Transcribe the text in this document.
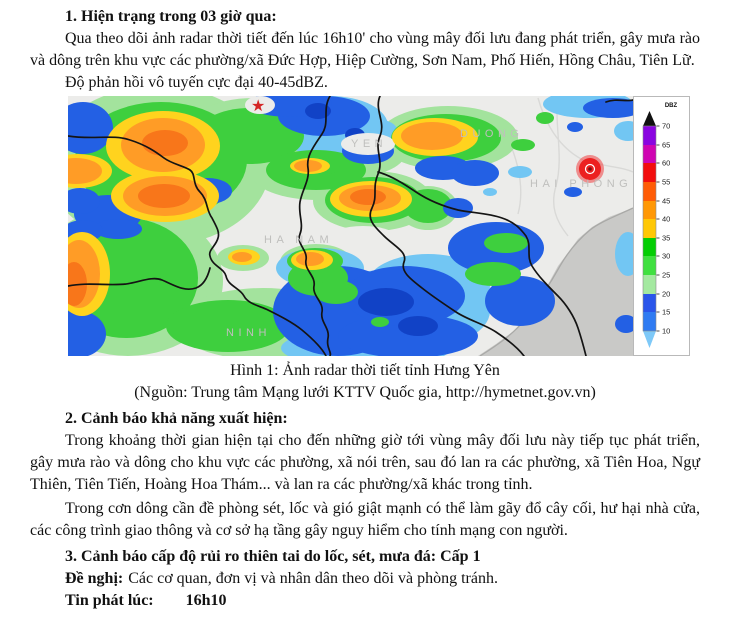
1. Hiện trạng trong 03 giờ qua:

Qua theo dõi ảnh radar thời tiết đến lúc 16h10' cho vùng mây đối lưu đang phát triển, gây mưa rào và dông trên khu vực các phường/xã Đức Hợp, Hiệp Cường, Sơn Nam, Phố Hiến, Hồng Châu, Tiên Lữ.

Độ phản hồi vô tuyến cực đại 40-45dBZ.

★
YEN
DUONG
HAI PHONG
HA NAM
NINH
DBZ
70
65
60
55
45
40
35
30
25
20
15
10

Hình 1: Ảnh radar thời tiết tỉnh Hưng Yên

(Nguồn: Trung tâm Mạng lưới KTTV Quốc gia, http://hymetnet.gov.vn)

2. Cảnh báo khả năng xuất hiện:

Trong khoảng thời gian hiện tại cho đến những giờ tới vùng mây đối lưu này tiếp tục phát triển, gây mưa rào và dông cho khu vực các phường, xã nói trên, sau đó lan ra các phường, xã Tiên Hoa, Ngự Thiên, Tiên Tiến, Hoàng Hoa Thám... và lan ra các phường/xã khác trong tỉnh.

Trong cơn dông cần đề phòng sét, lốc và gió giật mạnh có thể làm gãy đổ cây cối, hư hại nhà cửa, các công trình giao thông và cơ sở hạ tầng gây nguy hiểm cho tính mạng con người.

3. Cảnh báo cấp độ rủi ro thiên tai do lốc, sét, mưa đá: Cấp 1

Đề nghị: Các cơ quan, đơn vị và nhân dân theo dõi và phòng tránh.

Tin phát lúc: 16h10
